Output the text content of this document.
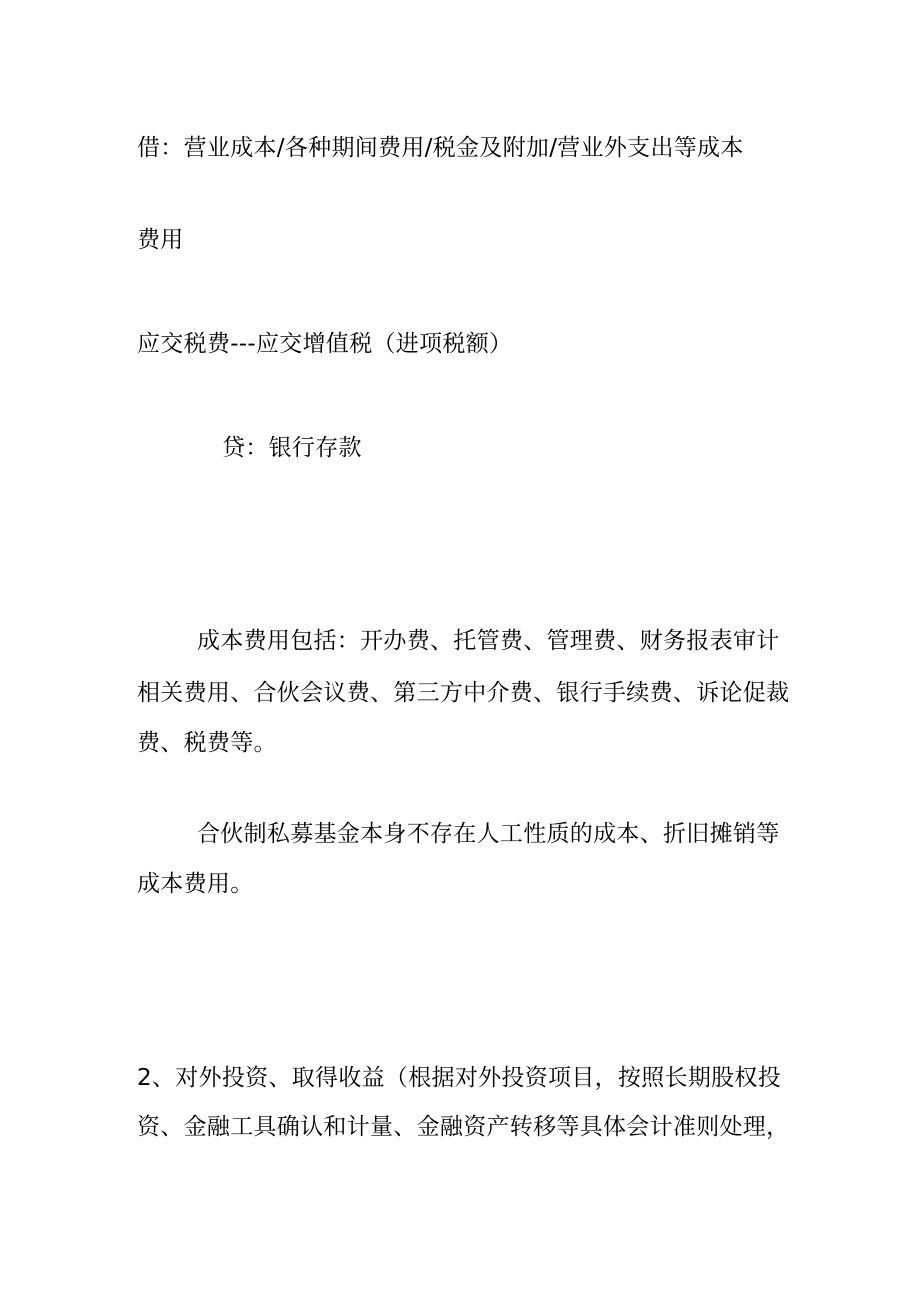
借：营业成本/各种期间费用/税金及附加/营业外支出等成本
费用
应交税费---应交增值税（进项税额）
贷：银行存款
成本费用包括：开办费、托管费、管理费、财务报表审计
相关费用、合伙会议费、第三方中介费、银行手续费、诉论促裁
费、税费等。
合伙制私募基金本身不存在人工性质的成本、折旧摊销等
成本费用。
2、对外投资、取得收益（根据对外投资项目，按照长期股权投
资、金融工具确认和计量、金融资产转移等具体会计准则处理，
